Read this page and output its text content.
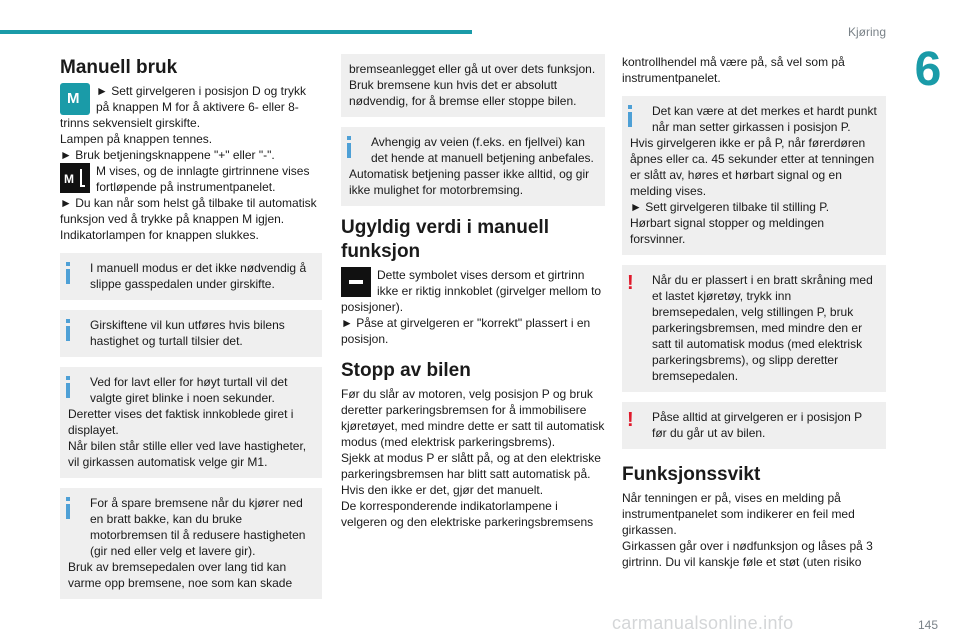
Kjøring
6
Manuell bruk
M

► Sett girvelgeren i posisjon D og trykk på knappen M for å aktivere 6- eller 8-trinns sekvensielt girskifte.

Lampen på knappen tennes.

► Bruk betjeningsknappene "+" eller "-".

M

M vises, og de innlagte girtrinnene vises fortløpende på instrumentpanelet.

► Du kan når som helst gå tilbake til automatisk funksjon ved å trykke på knappen M igjen.

Indikatorlampen for knappen slukkes.

I manuell modus er det ikke nødvendig å slippe gasspedalen under girskifte.

Girskiftene vil kun utføres hvis bilens hastighet og turtall tilsier det.

Ved for lavt eller for høyt turtall vil det valgte giret blinke i noen sekunder.

Deretter vises det faktisk innkoblede giret i displayet.

Når bilen står stille eller ved lave hastigheter, vil girkassen automatisk velge gir M1.

For å spare bremsene når du kjører ned en bratt bakke, kan du bruke motorbremsen til å redusere hastigheten (gir ned eller velg et lavere gir).

Bruk av bremsepedalen over lang tid kan varme opp bremsene, noe som kan skade

bremseanlegget eller gå ut over dets funksjon.

Bruk bremsene kun hvis det er absolutt nødvendig, for å bremse eller stoppe bilen.

Avhengig av veien (f.eks. en fjellvei) kan det hende at manuell betjening anbefales.

Automatisk betjening passer ikke alltid, og gir ikke mulighet for motorbremsing.

Ugyldig verdi i manuell funksjon

Dette symbolet vises dersom et girtrinn ikke er riktig innkoblet (girvelger mellom to posisjoner).

► Påse at girvelgeren er "korrekt" plassert i en posisjon.

Stopp av bilen

Før du slår av motoren, velg posisjon P og bruk deretter parkeringsbremsen for å immobilisere kjøretøyet, med mindre dette er satt til automatisk modus (med elektrisk parkeringsbrems).

Sjekk at modus P er slått på, og at den elektriske parkeringsbremsen har blitt satt automatisk på.

Hvis den ikke er det, gjør det manuelt.

De korresponderende indikatorlampene i velgeren og den elektriske parkeringsbremsens

kontrollhendel må være på, så vel som på instrumentpanelet.

Det kan være at det merkes et hardt punkt når man setter girkassen i posisjon P.

Hvis girvelgeren ikke er på P, når førerdøren åpnes eller ca. 45 sekunder etter at tenningen er slått av, høres et hørbart signal og en melding vises.

► Sett girvelgeren tilbake til stilling P.

Hørbart signal stopper og meldingen forsvinner.

!	Når du er plassert i en bratt skråning med et lastet kjøretøy, trykk inn bremsepedalen, velg stillingen P, bruk parkeringsbremsen, med mindre den er satt til automatisk modus (med elektrisk parkeringsbrems), og slipp deretter bremsepedalen.

!	Påse alltid at girvelgeren er i posisjon P før du går ut av bilen.

Funksjonssvikt

Når tenningen er på, vises en melding på instrumentpanelet som indikerer en feil med girkassen.

Girkassen går over i nødfunksjon og låses på 3 girtrinn. Du vil kanskje føle et støt (uten risiko

carmanualsonline.info	145
